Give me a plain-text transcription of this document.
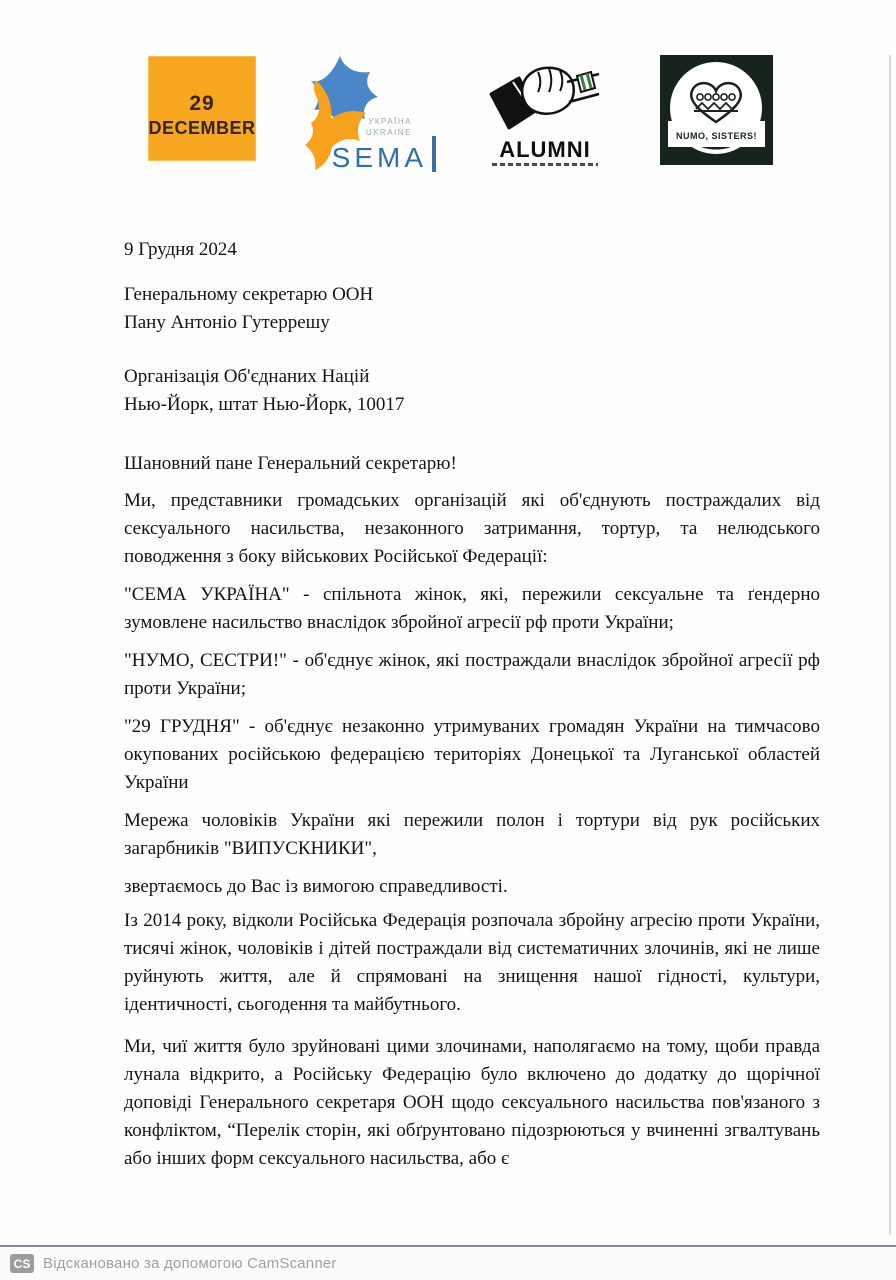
29
DECEMBER	УКРАЇНА
UKRAINE
SEMA	ALUMNI
NUMO, SISTERS!

9 Грудня 2024

Генеральному секретарю ООН

Пану Антоніо Гутеррешу

Організація Об'єднаних Націй

Нью-Йорк, штат Нью-Йорк, 10017

Шановний пане Генеральний секретарю!

Ми, представники громадських організацій які об'єднують постраждалих від сексуального насильства, незаконного затримання, тортур, та нелюдського поводження з боку військових Російської Федерації:

"СЕМА УКРАЇНА" - спільнота жінок, які, пережили сексуальне та ґендерно зумовлене насильство внаслідок збройної агресії рф проти України;

"НУМО, СЕСТРИ!" - об'єднує жінок, які постраждали внаслідок збройної агресії рф проти України;

"29 ГРУДНЯ" - об'єднує незаконно утримуваних громадян України на тимчасово окупованих російською федерацією територіях Донецької та Луганської областей України

Мережа чоловіків України які пережили полон і тортури від рук російських загарбників "ВИПУСКНИКИ",

звертаємось до Вас із вимогою справедливості.

Із 2014 року, відколи Російська Федерація розпочала збройну агресію проти України, тисячі жінок, чоловіків і дітей постраждали від систематичних злочинів, які не лише руйнують життя, але й спрямовані на знищення нашої гідності, культури, ідентичності, сьогодення та майбутнього.

Ми, чиї життя було зруйновані цими злочинами, наполягаємо на тому, щоби правда лунала відкрито, а Російську Федерацію було включено до додатку до щорічної доповіді Генерального секретаря ООН щодо сексуального насильства пов'язаного з конфліктом, “Перелік сторін, які обґрунтовано підозрюються у вчиненні згвалтувань або інших форм сексуального насильства, або є

CS Відскановано за допомогою CamScanner
